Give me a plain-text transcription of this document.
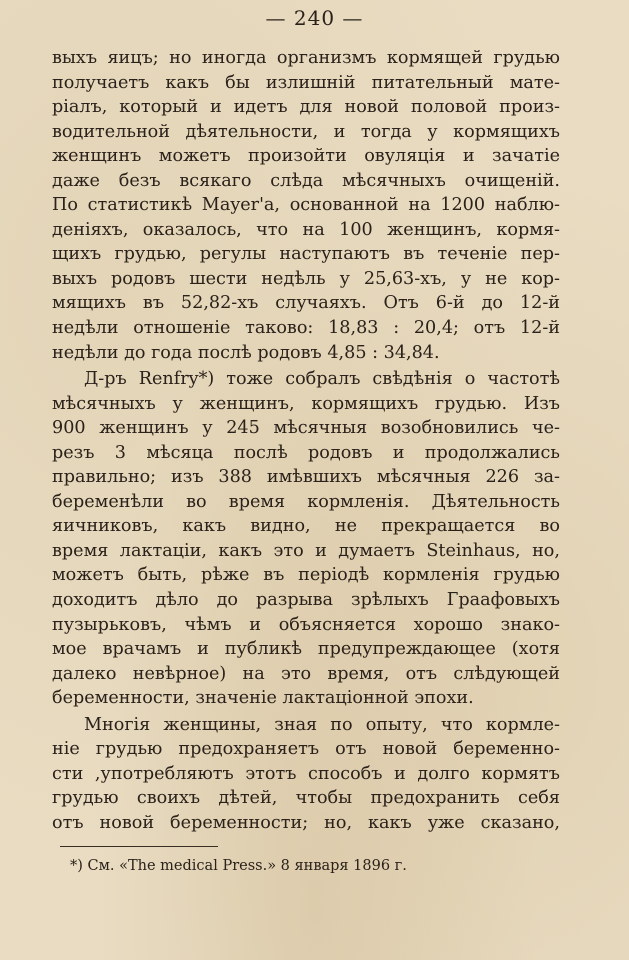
— 240 —
выхъ яицъ; но иногда организмъ кормящей грудью
получаетъ какъ бы излишній питательный мате-
ріалъ, который и идетъ для новой половой произ-
водительной дѣятельности, и тогда у кормящихъ
женщинъ можетъ произойти овуляція и зачатіе
даже безъ всякаго слѣда мѣсячныхъ очищеній.
По статистикѣ Mayer'a, основанной на 1200 наблю-
деніяхъ, оказалось, что на 100 женщинъ, кормя-
щихъ грудью, регулы наступаютъ въ теченіе пер-
выхъ родовъ шести недѣль у 25,63-хъ, у не кор-
мящихъ въ 52,82-хъ случаяхъ. Отъ 6-й до 12-й
недѣли отношеніе таково: 18,83 : 20,4; отъ 12-й
недѣли до года послѣ родовъ 4,85 : 34,84.
Д-ръ Renfry*) тоже собралъ свѣдѣнія о частотѣ
мѣсячныхъ у женщинъ, кормящихъ грудью. Изъ
900 женщинъ у 245 мѣсячныя возобновились че-
резъ 3 мѣсяца послѣ родовъ и продолжались
правильно; изъ 388 имѣвшихъ мѣсячныя 226 за-
беременѣли во время кормленія. Дѣятельность
яичниковъ, какъ видно, не прекращается во
время лактаціи, какъ это и думаетъ Steinhaus, но,
можетъ быть, рѣже въ періодѣ кормленія грудью
доходитъ дѣло до разрыва зрѣлыхъ Граафовыхъ
пузырьковъ, чѣмъ и объясняется хорошо знако-
мое врачамъ и публикѣ предупреждающее (хотя
далеко невѣрное) на это время, отъ слѣдующей
беременности, значеніе лактаціонной эпохи.
Многія женщины, зная по опыту, что кормле-
ніе грудью предохраняетъ отъ новой беременно-
сти ,употребляютъ этотъ способъ и долго кормятъ
грудью своихъ дѣтей, чтобы предохранить себя
отъ новой беременности; но, какъ уже сказано,
*) См. «The medical Press.» 8 января 1896 г.
